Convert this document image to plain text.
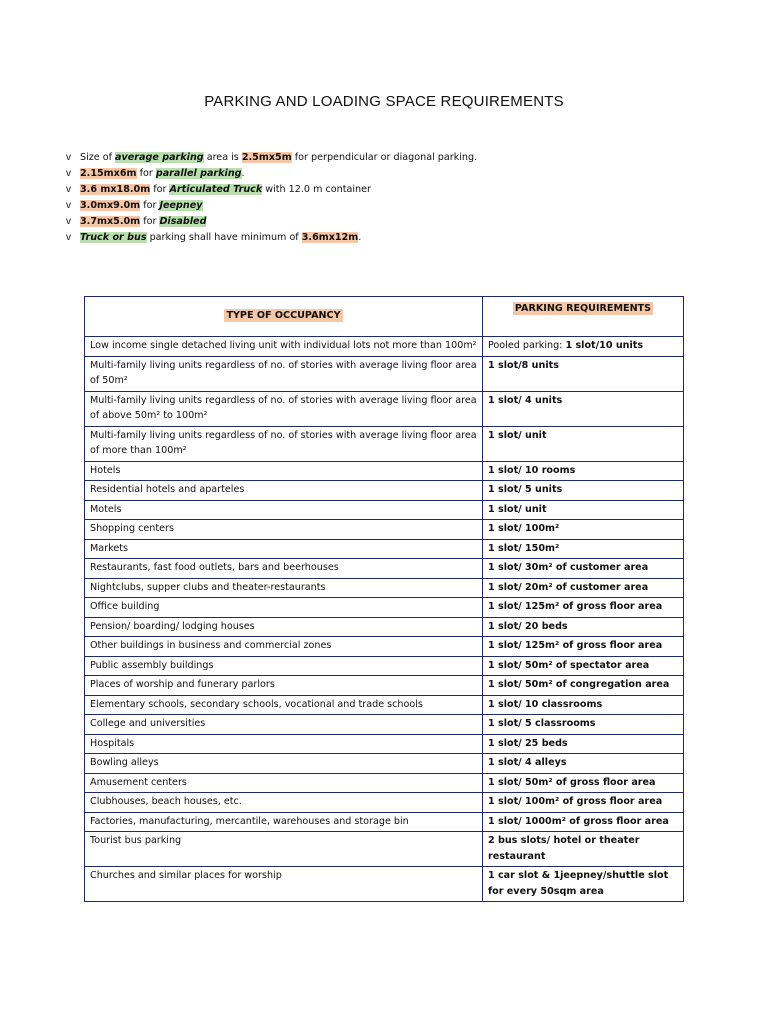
PARKING AND LOADING SPACE REQUIREMENTS
v Size of average parking area is 2.5mx5m for perpendicular or diagonal parking.
v 2.15mx6m for parallel parking.
v 3.6 mx18.0m for Articulated Truck with 12.0 m container
v 3.0mx9.0m for Jeepney
v 3.7mx5.0m for Disabled
v Truck or bus parking shall have minimum of 3.6mx12m.
TYPE OF OCCUPANCY	PARKING REQUIREMENTS
Low income single detached living unit with individual lots not more than 100m²	Pooled parking: 1 slot/10 units
Multi-family living units regardless of no. of stories with average living floor area of 50m²	1 slot/8 units
Multi-family living units regardless of no. of stories with average living floor area of above 50m² to 100m²	1 slot/ 4 units
Multi-family living units regardless of no. of stories with average living floor area of more than 100m²	1 slot/ unit
Hotels	1 slot/ 10 rooms
Residential hotels and aparteles	1 slot/ 5 units
Motels	1 slot/ unit
Shopping centers	1 slot/ 100m²
Markets	1 slot/ 150m²
Restaurants, fast food outlets, bars and beerhouses	1 slot/ 30m² of customer area
Nightclubs, supper clubs and theater-restaurants	1 slot/ 20m² of customer area
Office building	1 slot/ 125m² of gross floor area
Pension/ boarding/ lodging houses	1 slot/ 20 beds
Other buildings in business and commercial zones	1 slot/ 125m² of gross floor area
Public assembly buildings	1 slot/ 50m² of spectator area
Places of worship and funerary parlors	1 slot/ 50m² of congregation area
Elementary schools, secondary schools, vocational and trade schools	1 slot/ 10 classrooms
College and universities	1 slot/ 5 classrooms
Hospitals	1 slot/ 25 beds
Bowling alleys	1 slot/ 4 alleys
Amusement centers	1 slot/ 50m² of gross floor area
Clubhouses, beach houses, etc.	1 slot/ 100m² of gross floor area
Factories, manufacturing, mercantile, warehouses and storage bin	1 slot/ 1000m² of gross floor area
Tourist bus parking	2 bus slots/ hotel or theater restaurant
Churches and similar places for worship	1 car slot & 1jeepney/shuttle slot for every 50sqm area
